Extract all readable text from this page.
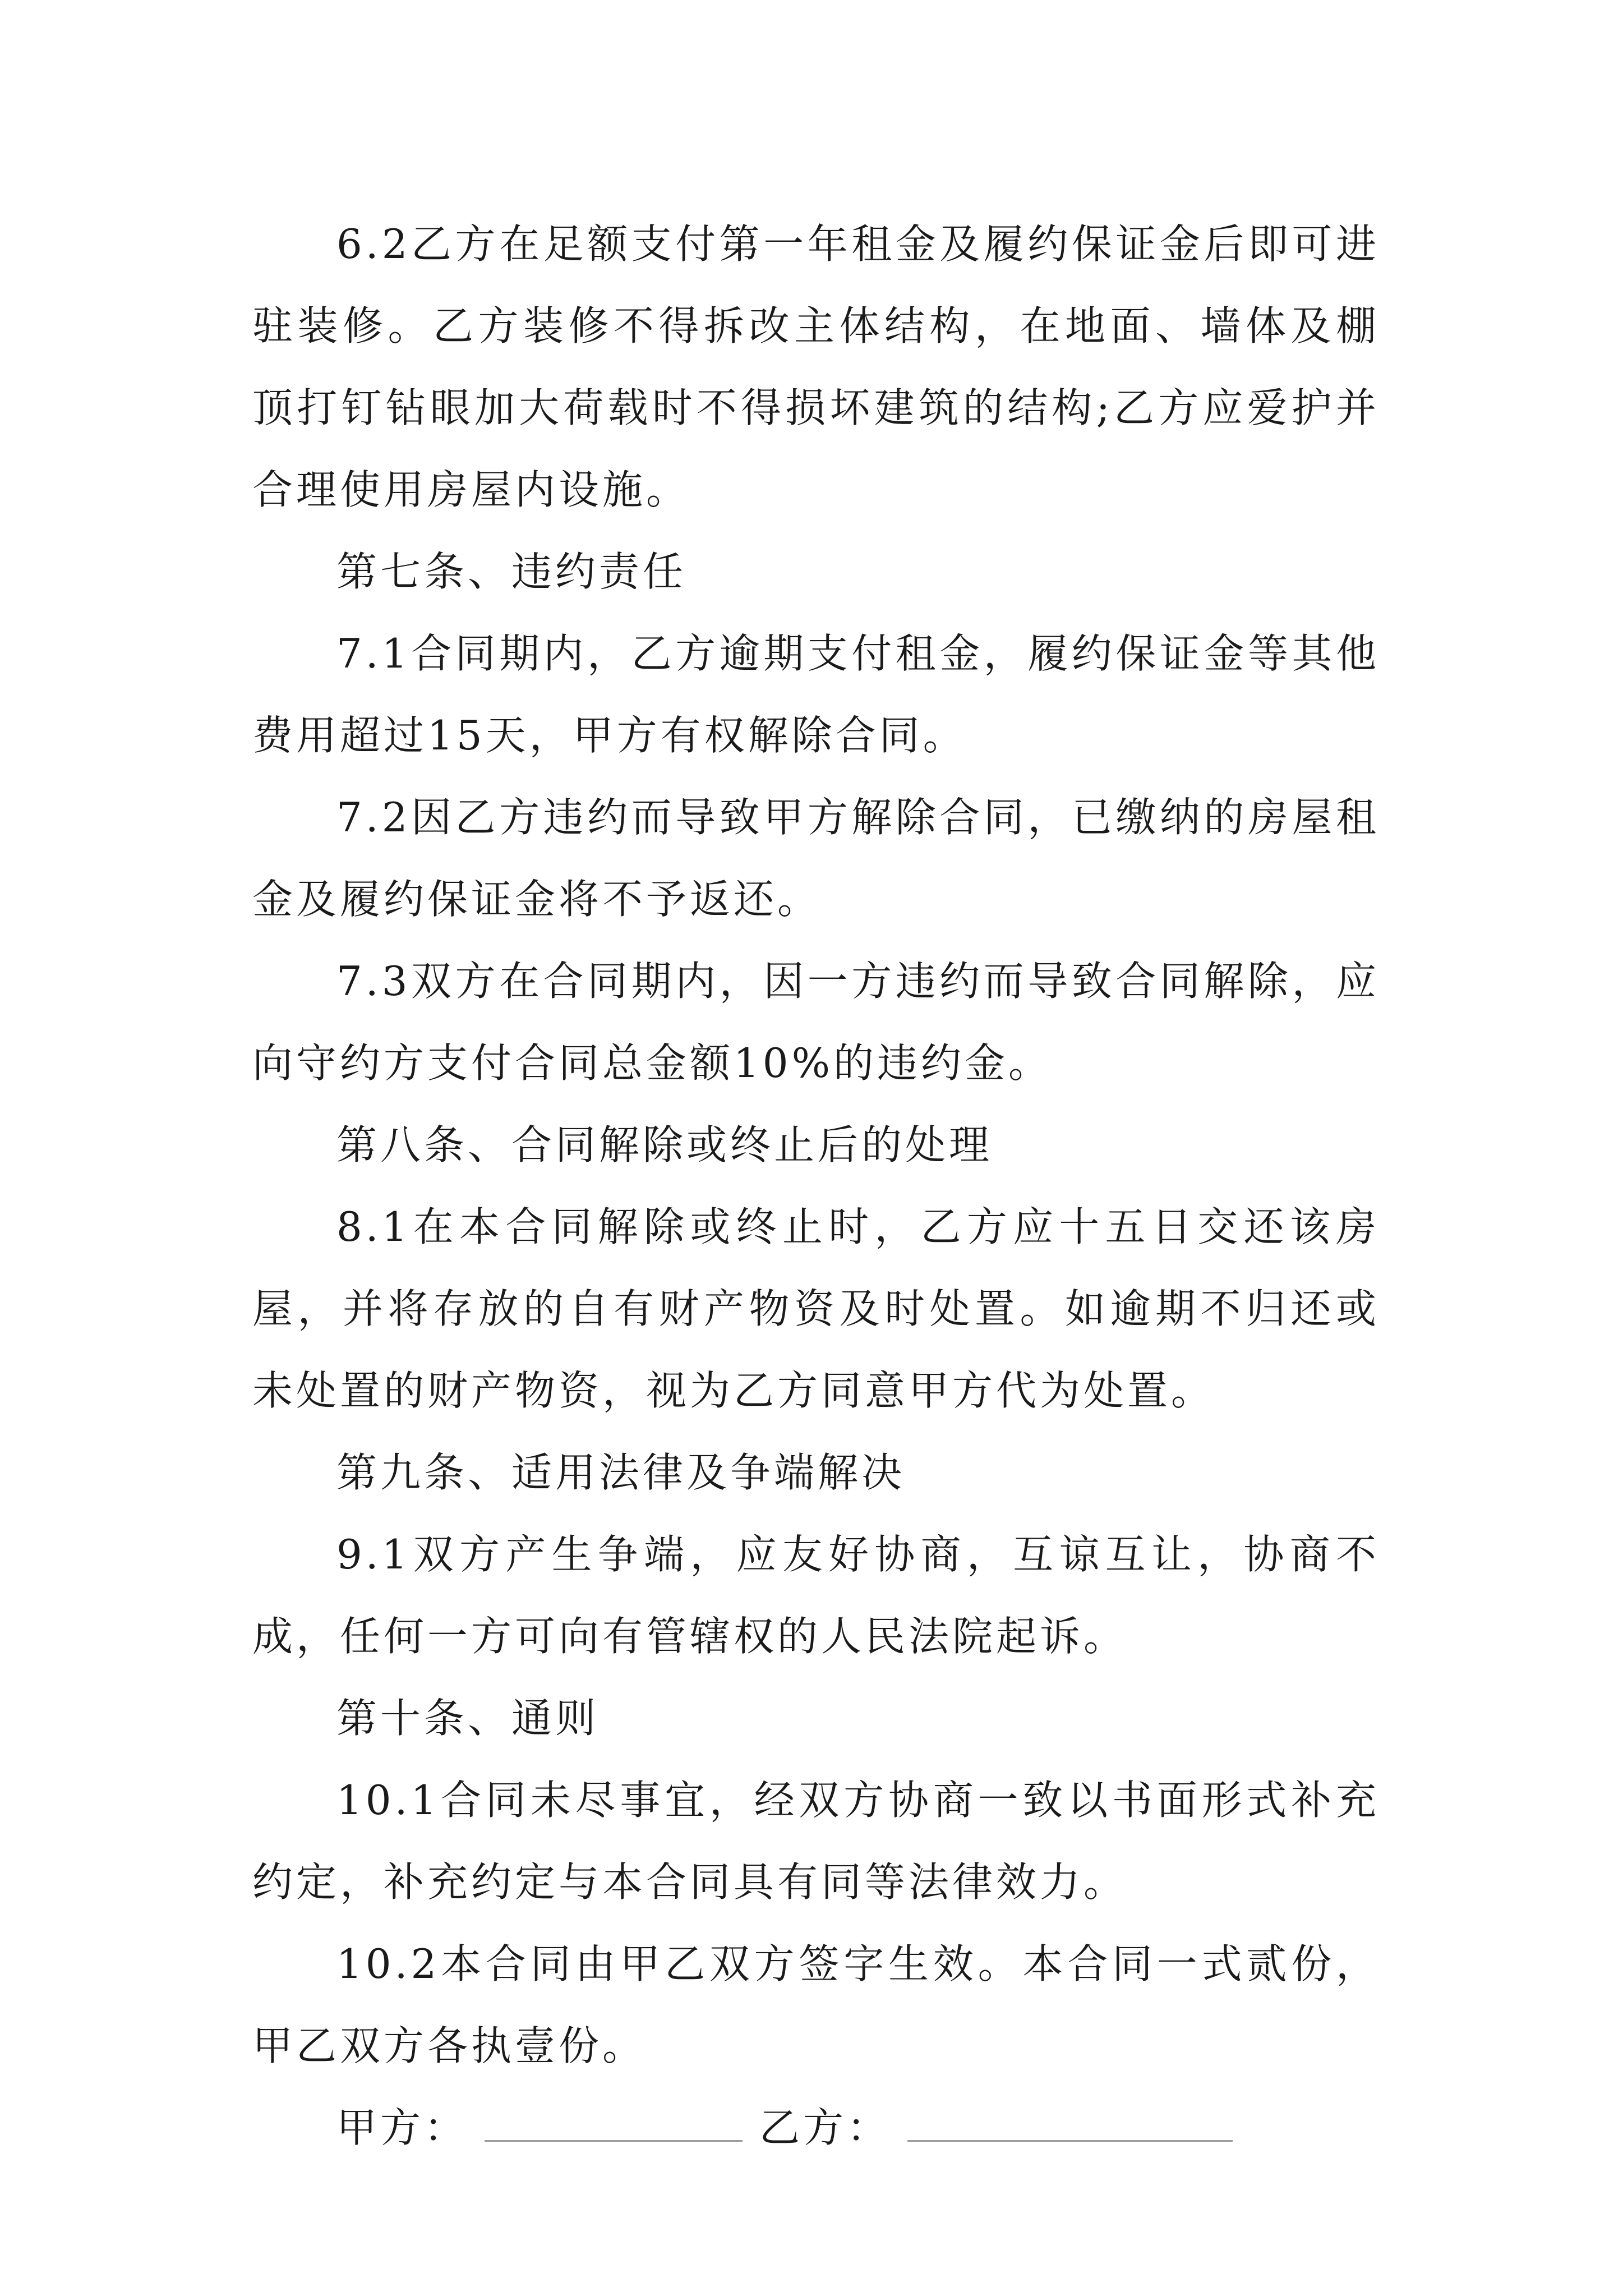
6.2乙方在足额支付第一年租金及履约保证金后即可进驻装修。乙方装修不得拆改主体结构，在地面、墙体及棚顶打钉钻眼加大荷载时不得损坏建筑的结构;乙方应爱护并合理使用房屋内设施。

第七条、违约责任

7.1合同期内，乙方逾期支付租金，履约保证金等其他费用超过15天，甲方有权解除合同。

7.2因乙方违约而导致甲方解除合同，已缴纳的房屋租金及履约保证金将不予返还。

7.3双方在合同期内，因一方违约而导致合同解除，应向守约方支付合同总金额10%的违约金。

第八条、合同解除或终止后的处理

8.1在本合同解除或终止时，乙方应十五日交还该房屋，并将存放的自有财产物资及时处置。如逾期不归还或未处置的财产物资，视为乙方同意甲方代为处置。

第九条、适用法律及争端解决

9.1双方产生争端，应友好协商，互谅互让，协商不成，任何一方可向有管辖权的人民法院起诉。

第十条、通则

10.1合同未尽事宜，经双方协商一致以书面形式补充约定，补充约定与本合同具有同等法律效力。

10.2本合同由甲乙双方签字生效。本合同一式贰份，甲乙双方各执壹份。

甲方：	乙方：
